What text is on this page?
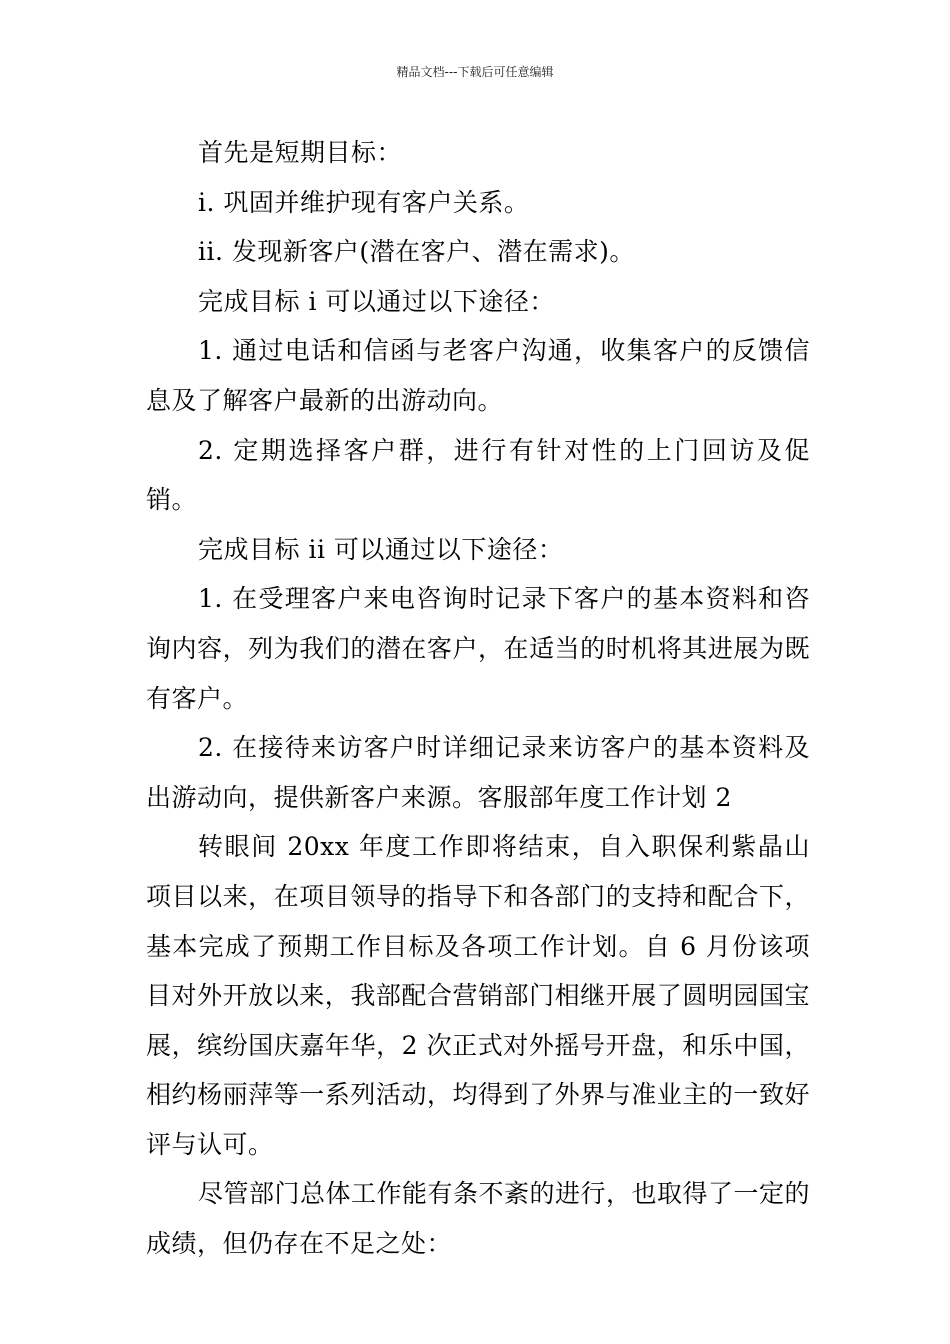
精品文档---下载后可任意编辑

首先是短期目标：

i. 巩固并维护现有客户关系。

ii. 发现新客户(潜在客户、潜在需求)。

完成目标 i 可以通过以下途径：

1. 通过电话和信函与老客户沟通，收集客户的反馈信息及了解客户最新的出游动向。

2. 定期选择客户群，进行有针对性的上门回访及促销。

完成目标 ii 可以通过以下途径：

1. 在受理客户来电咨询时记录下客户的基本资料和咨询内容，列为我们的潜在客户，在适当的时机将其进展为既有客户。

2. 在接待来访客户时详细记录来访客户的基本资料及出游动向，提供新客户来源。客服部年度工作计划 2

转眼间 20xx 年度工作即将结束，自入职保利紫晶山项目以来，在项目领导的指导下和各部门的支持和配合下，基本完成了预期工作目标及各项工作计划。自 6 月份该项目对外开放以来，我部配合营销部门相继开展了圆明园国宝展，缤纷国庆嘉年华，2 次正式对外摇号开盘，和乐中国，相约杨丽萍等一系列活动，均得到了外界与准业主的一致好评与认可。

尽管部门总体工作能有条不紊的进行，也取得了一定的成绩，但仍存在不足之处：
